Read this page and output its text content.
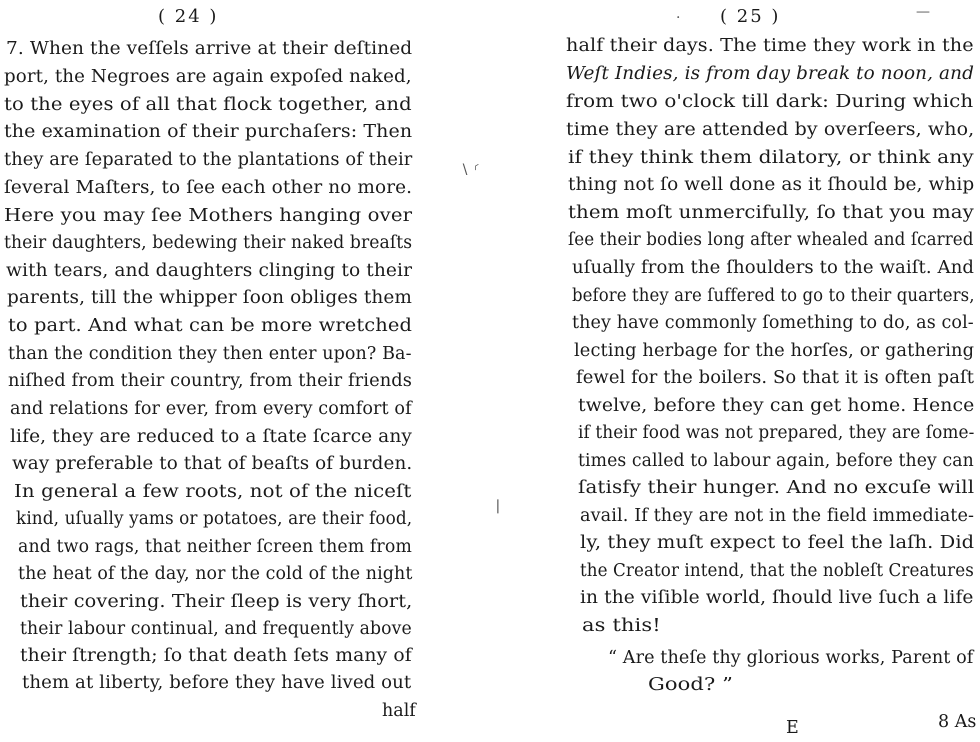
( 24 )
7. When the veſſels arrive at their deſtined
port, the Negroes are again expoſed naked,
to the eyes of all that flock together, and
the examination of their purchaſers: Then
they are ſeparated to the plantations of their
ſeveral Maſters, to ſee each other no more.
Here you may ſee Mothers hanging over
their daughters, bedewing their naked breaſts
with tears, and daughters clinging to their
parents, till the whipper ſoon obliges them
to part. And what can be more wretched
than the condition they then enter upon? Ba-
niſhed from their country, from their friends
and relations for ever, from every comfort of
life, they are reduced to a ſtate ſcarce any
way preferable to that of beaſts of burden.
In general a few roots, not of the niceſt
kind, uſually yams or potatoes, are their food,
and two rags, that neither ſcreen them from
the heat of the day, nor the cold of the night
their covering. Their ſleep is very ſhort,
their labour continual, and frequently above
their ſtrength; ſo that death ſets many of
them at liberty, before they have lived out
half
∖ ⸂
❘
—
· ( 25 )
half their days. The time they work in the
Weſt Indies, is from day break to noon, and
from two o'clock till dark: During which
time they are attended by overſeers, who,
if they think them dilatory, or think any
thing not ſo well done as it ſhould be, whip
them moſt unmercifully, ſo that you may
ſee their bodies long after whealed and ſcarred
uſually from the ſhoulders to the waiſt. And
before they are ſuffered to go to their quarters,
they have commonly ſomething to do, as col-
lecting herbage for the horſes, or gathering
fewel for the boilers. So that it is often paſt
twelve, before they can get home. Hence
if their food was not prepared, they are ſome-
times called to labour again, before they can
ſatisfy their hunger. And no excuſe will
avail. If they are not in the field immediate-
ly, they muſt expect to feel the laſh. Did
the Creator intend, that the nobleſt Creatures
in the viſible world, ſhould live ſuch a life
as this!
“ Are theſe thy glorious works, Parent of
Good? ”
E	8 As
